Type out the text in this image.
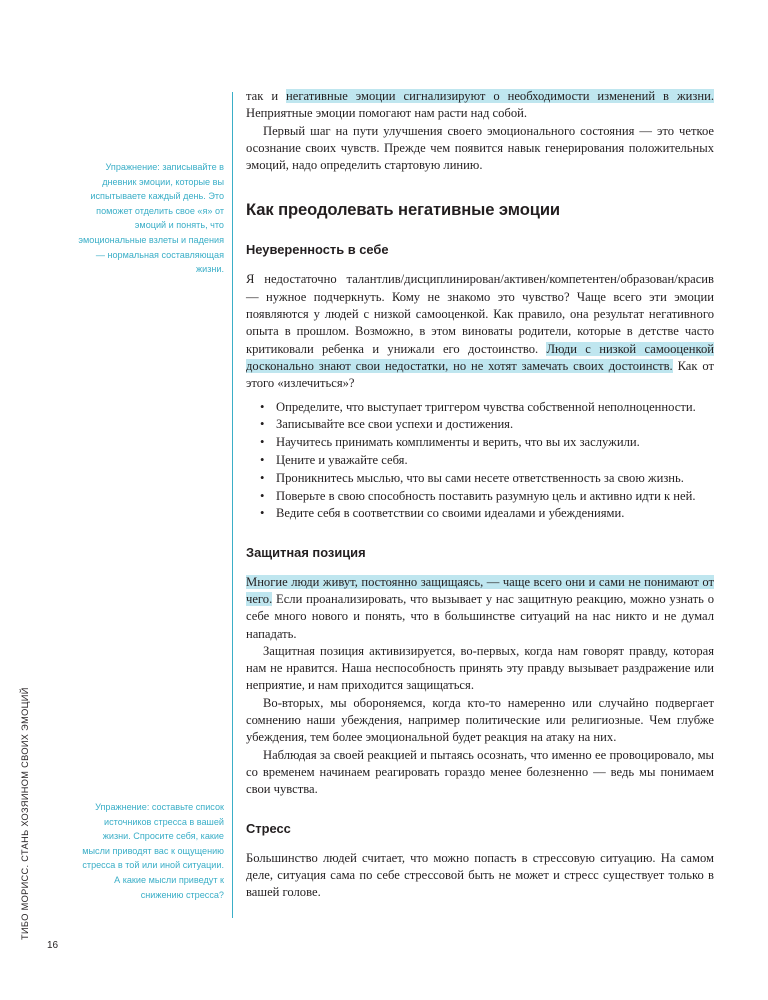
ТИБО МОРИСС. СТАНЬ ХОЗЯИНОМ СВОИХ ЭМОЦИЙ
16
Упражнение: записывайте в дневник эмоции, которые вы испытываете каждый день. Это поможет отделить свое «я» от эмоций и понять, что эмоциональные взлеты и падения — нормальная составляющая жизни.
Упражнение: составьте список источников стресса в вашей жизни. Спросите себя, какие мысли приводят вас к ощущению стресса в той или иной ситуации. А какие мысли приведут к снижению стресса?

так и негативные эмоции сигнализируют о необходимости изменений в жизни. Неприятные эмоции помогают нам расти над собой.

Первый шаг на пути улучшения своего эмоционального состояния — это четкое осознание своих чувств. Прежде чем появится навык генерирования положительных эмоций, надо определить стартовую линию.

Как преодолевать негативные эмоции
Неуверенность в себе

Я недостаточно талантлив/дисциплинирован/активен/компетентен/образован/красив — нужное подчеркнуть. Кому не знакомо это чувство? Чаще всего эти эмоции появляются у людей с низкой самооценкой. Как правило, она результат негативного опыта в прошлом. Возможно, в этом виноваты родители, которые в детстве часто критиковали ребенка и унижали его достоинство. Люди с низкой самооценкой досконально знают свои недостатки, но не хотят замечать своих достоинств. Как от этого «излечиться»?

• Определите, что выступает триггером чувства собственной неполноценности.
• Записывайте все свои успехи и достижения.
• Научитесь принимать комплименты и верить, что вы их заслужили.
• Цените и уважайте себя.
• Проникнитесь мыслью, что вы сами несете ответственность за свою жизнь.
• Поверьте в свою способность поставить разумную цель и активно идти к ней.
• Ведите себя в соответствии со своими идеалами и убеждениями.
Защитная позиция

Многие люди живут, постоянно защищаясь, — чаще всего они и сами не понимают от чего. Если проанализировать, что вызывает у нас защитную реакцию, можно узнать о себе много нового и понять, что в большинстве ситуаций на нас никто и не думал нападать.

Защитная позиция активизируется, во-первых, когда нам говорят правду, которая нам не нравится. Наша неспособность принять эту правду вызывает раздражение или неприятие, и нам приходится защищаться.

Во-вторых, мы обороняемся, когда кто-то намеренно или случайно подвергает сомнению наши убеждения, например политические или религиозные. Чем глубже убеждения, тем более эмоциональной будет реакция на атаку на них.

Наблюдая за своей реакцией и пытаясь осознать, что именно ее провоцировало, мы со временем начинаем реагировать гораздо менее болезненно — ведь мы понимаем свои чувства.

Стресс

Большинство людей считает, что можно попасть в стрессовую ситуацию. На самом деле, ситуация сама по себе стрессовой быть не может и стресс существует только в вашей голове.
